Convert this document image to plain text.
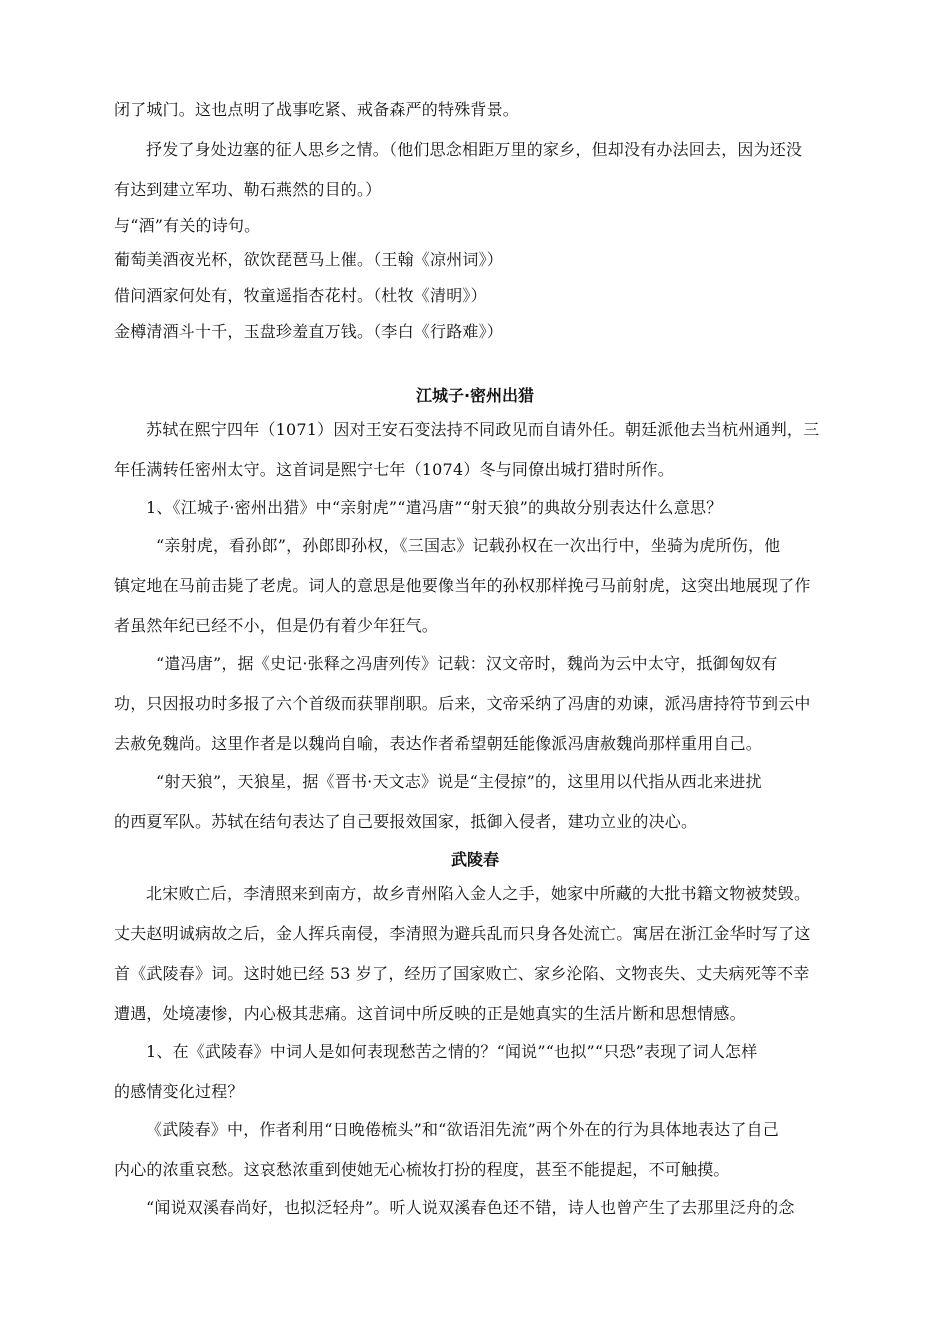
闭了城门。这也点明了战事吃紧、戒备森严的特殊背景。
抒发了身处边塞的征人思乡之情。（他们思念相距万里的家乡，但却没有办法回去，因为还没
有达到建立军功、勒石燕然的目的。）
与“酒”有关的诗句。
葡萄美酒夜光杯，欲饮琵琶马上催。（王翰《凉州词》）
借问酒家何处有，牧童遥指杏花村。（杜牧《清明》）
金樽清酒斗十千，玉盘珍羞直万钱。（李白《行路难》）
江城子·密州出猎
苏轼在熙宁四年（1071）因对王安石变法持不同政见而自请外任。朝廷派他去当杭州通判，三
年任满转任密州太守。这首词是熙宁七年（1074）冬与同僚出城打猎时所作。
1、《江城子·密州出猎》中“亲射虎”“遣冯唐”“射天狼”的典故分别表达什么意思？
“亲射虎，看孙郎”，孙郎即孙权，《三国志》记载孙权在一次出行中，坐骑为虎所伤，他
镇定地在马前击毙了老虎。词人的意思是他要像当年的孙权那样挽弓马前射虎，这突出地展现了作
者虽然年纪已经不小，但是仍有着少年狂气。
“遣冯唐”，据《史记·张释之冯唐列传》记载：汉文帝时，魏尚为云中太守，抵御匈奴有
功，只因报功时多报了六个首级而获罪削职。后来，文帝采纳了冯唐的劝谏，派冯唐持符节到云中
去赦免魏尚。这里作者是以魏尚自喻，表达作者希望朝廷能像派冯唐赦魏尚那样重用自己。
“射天狼”，天狼星，据《晋书·天文志》说是“主侵掠”的，这里用以代指从西北来进扰
的西夏军队。苏轼在结句表达了自己要报效国家，抵御入侵者，建功立业的决心。
武陵春
北宋败亡后，李清照来到南方，故乡青州陷入金人之手，她家中所藏的大批书籍文物被焚毁。
丈夫赵明诚病故之后，金人挥兵南侵，李清照为避兵乱而只身各处流亡。寓居在浙江金华时写了这
首《武陵春》词。这时她已经 53 岁了，经历了国家败亡、家乡沦陷、文物丧失、丈夫病死等不幸
遭遇，处境凄惨，内心极其悲痛。这首词中所反映的正是她真实的生活片断和思想情感。
1、在《武陵春》中词人是如何表现愁苦之情的？“闻说”“也拟”“只恐”表现了词人怎样
的感情变化过程？
《武陵春》中，作者利用“日晚倦梳头”和“欲语泪先流”两个外在的行为具体地表达了自己
内心的浓重哀愁。这哀愁浓重到使她无心梳妆打扮的程度，甚至不能提起，不可触摸。
“闻说双溪春尚好，也拟泛轻舟”。听人说双溪春色还不错，诗人也曾产生了去那里泛舟的念
